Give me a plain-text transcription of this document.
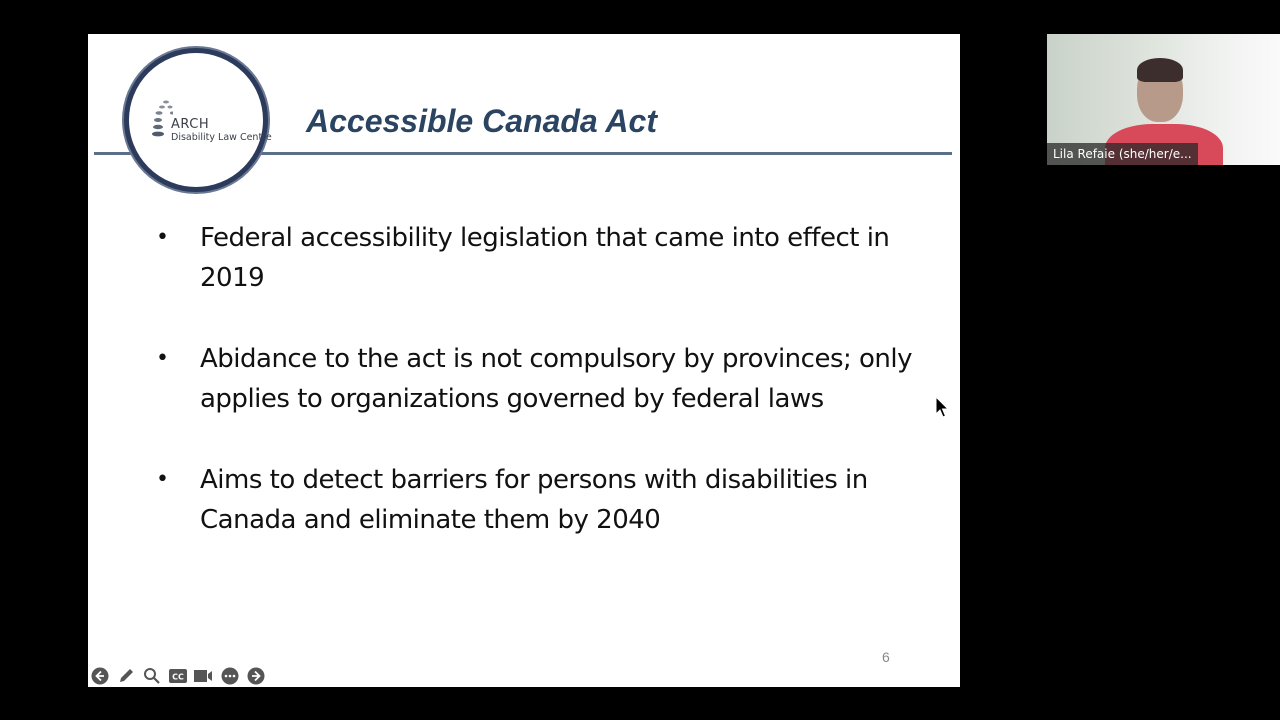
ARCH
Disability Law Centre Accessible Canada Act
• Federal accessibility legislation that came into effect in 2019
• Abidance to the act is not compulsory by provinces; only applies to organizations governed by federal laws
• Aims to detect barriers for persons with disabilities in Canada and eliminate them by 2040
6
CC
Lila Refaie (she/her/e...
